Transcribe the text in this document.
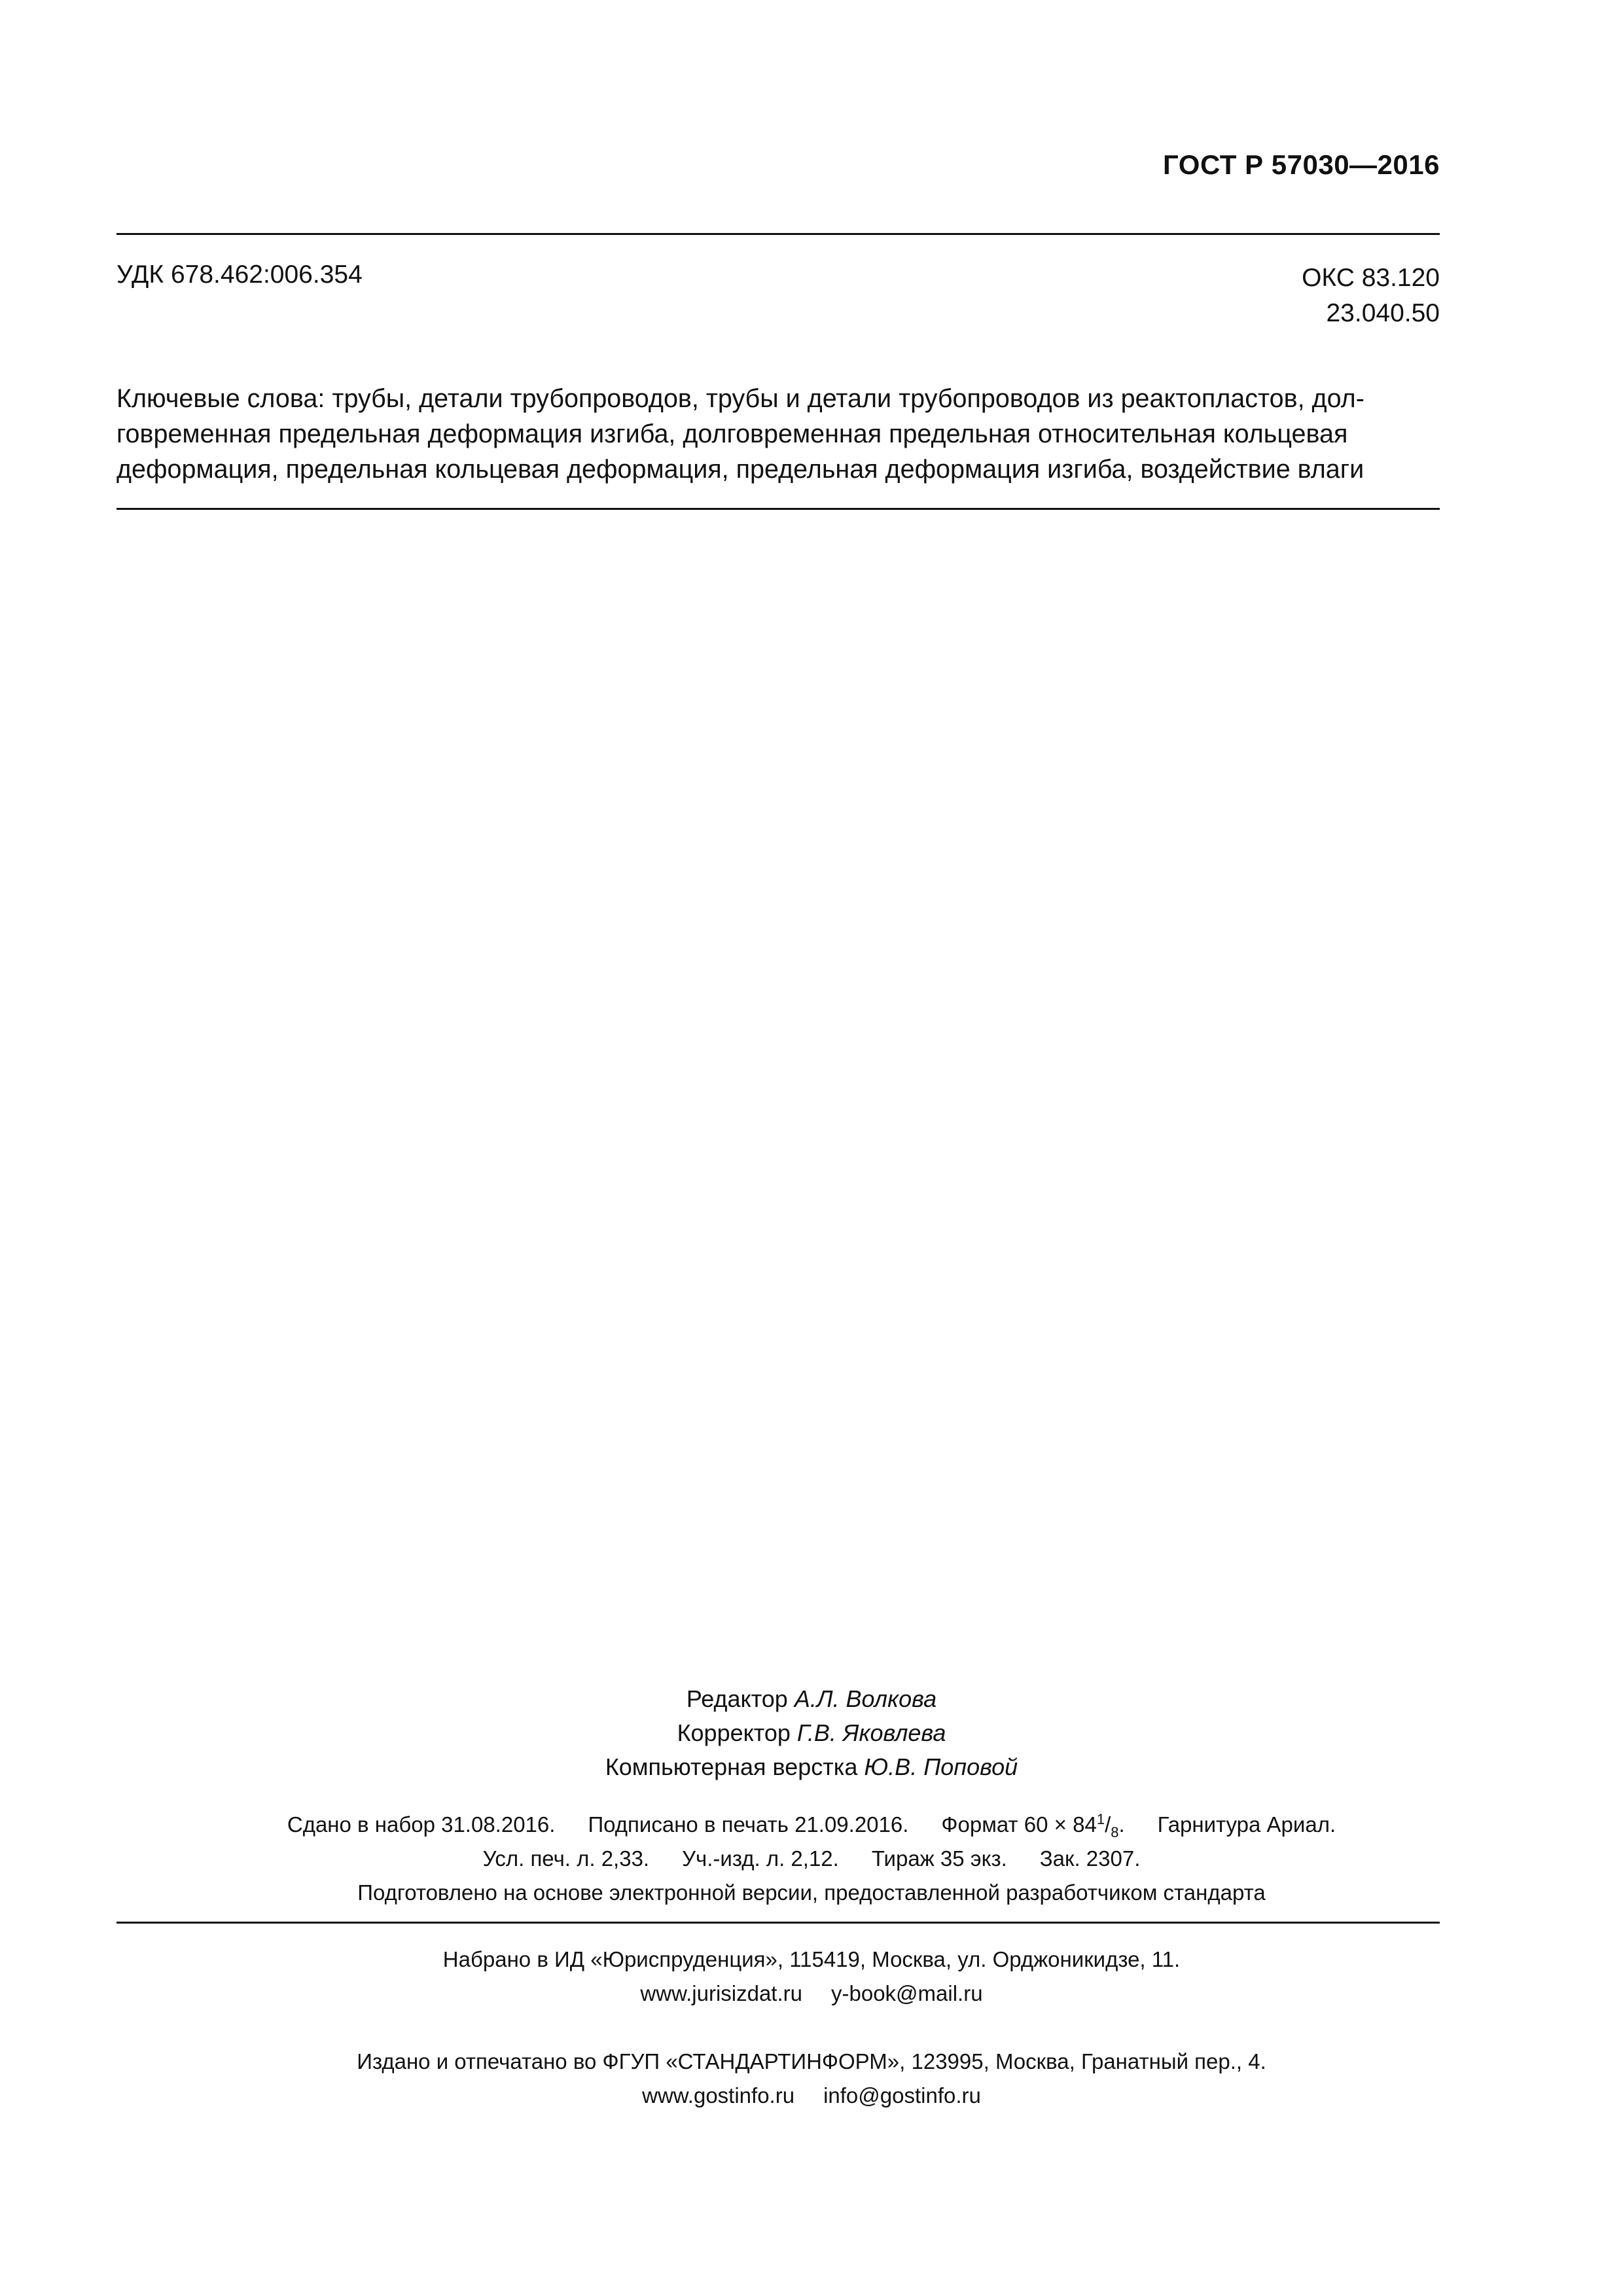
ГОСТ Р 57030—2016
УДК 678.462:006.354	ОКС 83.120
23.040.50
Ключевые слова: трубы, детали трубопроводов, трубы и детали трубопроводов из реактопластов, дол-
говременная предельная деформация изгиба, долговременная предельная относительная кольцевая
деформация, предельная кольцевая деформация, предельная деформация изгиба, воздействие влаги
Редактор А.Л. Волкова
Корректор Г.В. Яковлева
Компьютерная верстка Ю.В. Поповой
Сдано в набор 31.08.2016. Подписано в печать 21.09.2016. Формат $60 \times 84^1/_8$. Гарнитура Ариал.
Усл. печ. л. 2,33. Уч.-изд. л. 2,12. Тираж 35 экз. Зак. 2307.
Подготовлено на основе электронной версии, предоставленной разработчиком стандарта
Набрано в ИД «Юриспруденция», 115419, Москва, ул. Орджоникидзе, 11.
www.jurisizdat.ru y-book@mail.ru
Издано и отпечатано во ФГУП «СТАНДАРТИНФОРМ», 123995, Москва, Гранатный пер., 4.
www.gostinfo.ru info@gostinfo.ru
